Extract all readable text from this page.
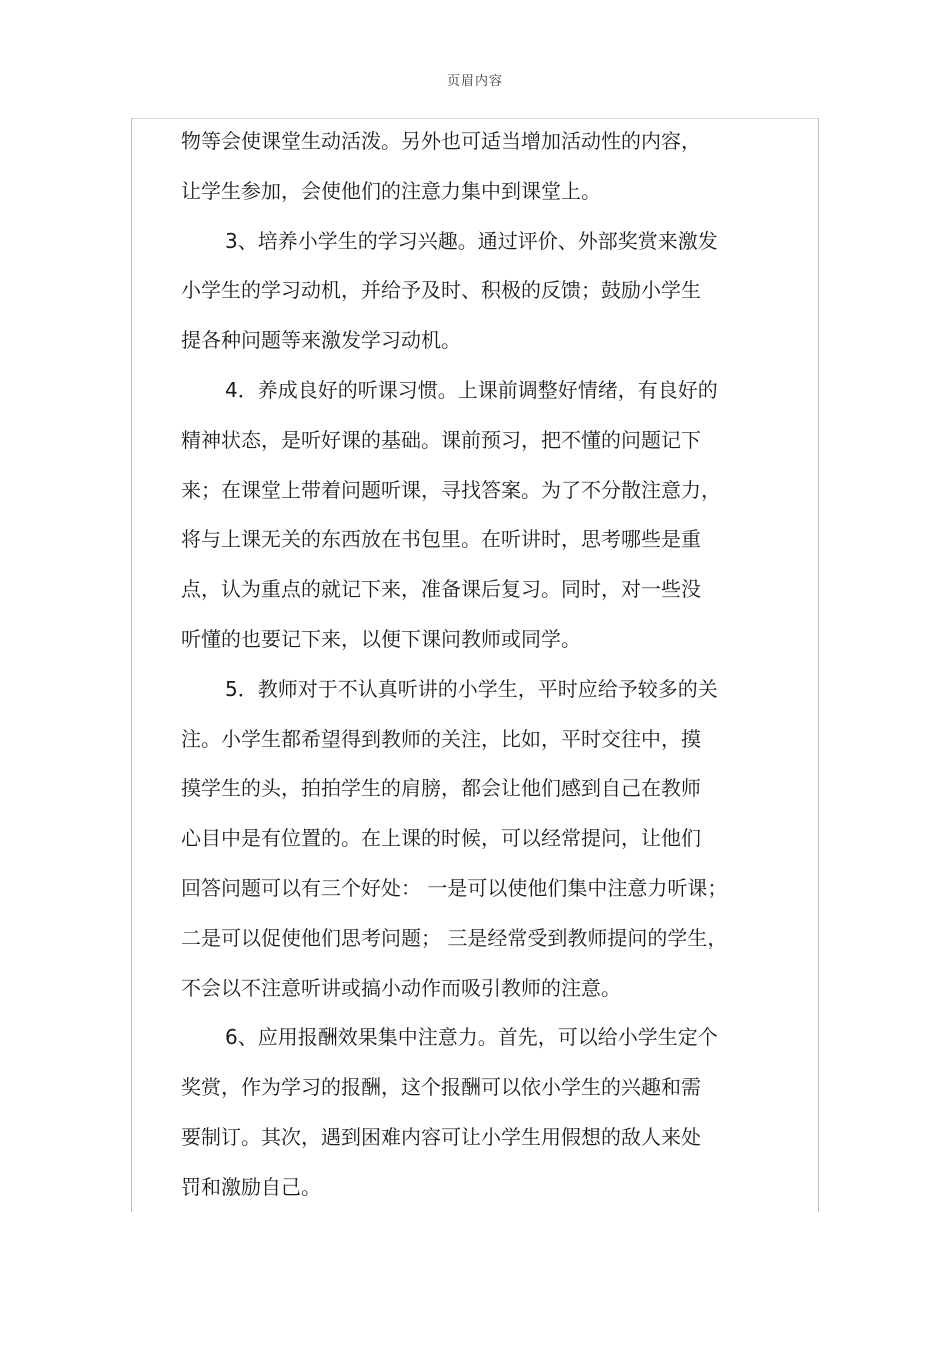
页眉内容
物等会使课堂生动活泼。另外也可适当增加活动性的内容，
让学生参加，会使他们的注意力集中到课堂上。
3、培养小学生的学习兴趣。通过评价、外部奖赏来激发
小学生的学习动机，并给予及时、积极的反馈；鼓励小学生
提各种问题等来激发学习动机。
4．养成良好的听课习惯。上课前调整好情绪，有良好的
精神状态，是听好课的基础。课前预习，把不懂的问题记下
来；在课堂上带着问题听课，寻找答案。为了不分散注意力，
将与上课无关的东西放在书包里。在听讲时，思考哪些是重
点，认为重点的就记下来，准备课后复习。同时，对一些没
听懂的也要记下来，以便下课问教师或同学。
5．教师对于不认真听讲的小学生，平时应给予较多的关
注。小学生都希望得到教师的关注，比如，平时交往中，摸
摸学生的头，拍拍学生的肩膀，都会让他们感到自己在教师
心目中是有位置的。在上课的时候，可以经常提问，让他们
回答问题可以有三个好处： 一是可以使他们集中注意力听课；
二是可以促使他们思考问题； 三是经常受到教师提问的学生，
不会以不注意听讲或搞小动作而吸引教师的注意。
6、应用报酬效果集中注意力。首先，可以给小学生定个
奖赏，作为学习的报酬，这个报酬可以依小学生的兴趣和需
要制订。其次，遇到困难内容可让小学生用假想的敌人来处
罚和激励自己。
